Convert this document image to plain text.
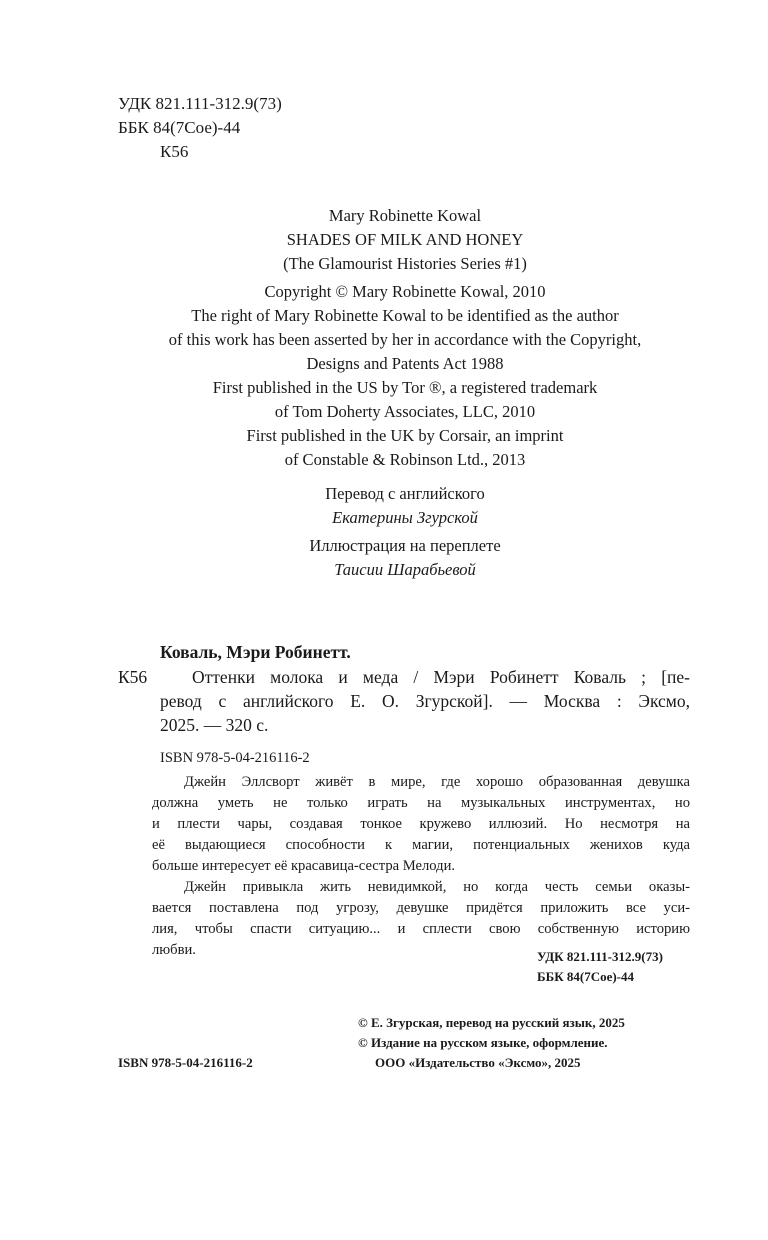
УДК 821.111-312.9(73)
ББК 84(7Сое)-44
К56
Mary Robinette Kowal
SHADES OF MILK AND HONEY
(The Glamourist Histories Series #1)
Copyright © Mary Robinette Kowal, 2010
The right of Mary Robinette Kowal to be identified as the author
of this work has been asserted by her in accordance with the Copyright,
Designs and Patents Act 1988
First published in the US by Tor ®, a registered trademark
of Tom Doherty Associates, LLC, 2010
First published in the UK by Corsair, an imprint
of Constable & Robinson Ltd., 2013
Перевод с английского
Екатерины Згурской
Иллюстрация на переплете
Таисии Шарабьевой
Коваль, Мэри Робинетт.
К56	Оттенки молока и меда / Мэри Робинетт Коваль ; [пе-
ревод с английского Е. О. Згурской]. — Москва : Эксмо,
2025. — 320 с.
ISBN 978-5-04-216116-2
Джейн Эллсворт живёт в мире, где хорошо образованная девушка
должна уметь не только играть на музыкальных инструментах, но
и плести чары, создавая тонкое кружево иллюзий. Но несмотря на
её выдающиеся способности к магии, потенциальных женихов куда
больше интересует её красавица-сестра Мелоди.
Джейн привыкла жить невидимкой, но когда честь семьи оказы-
вается поставлена под угрозу, девушке придётся приложить все уси-
лия, чтобы спасти ситуацию... и сплести свою собственную историю
любви.	УДК 821.111-312.9(73)
ББК 84(7Сое)-44
ISBN 978-5-04-216116-2
© Е. Згурская, перевод на русский язык, 2025
© Издание на русском языке, оформление.
ООО «Издательство «Эксмо», 2025
